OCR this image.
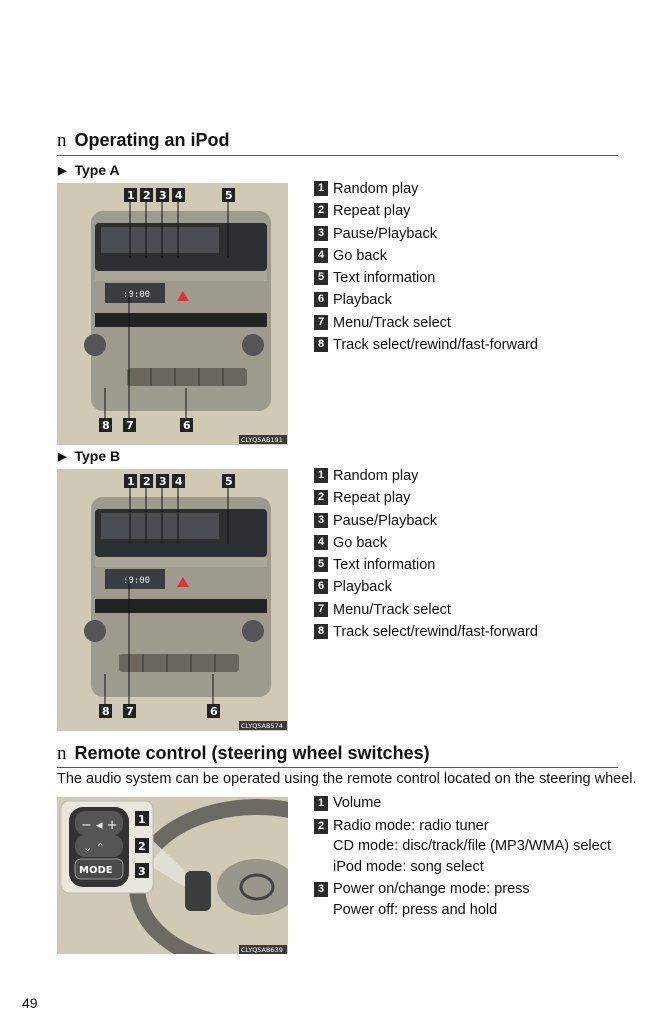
n Operating an iPod
▶ Type A
:0:00
1 2 3 4	5
8 7	6
CLYQ5AB191
1 Random play
2 Repeat play
3 Pause/Playback
4 Go back
5 Text information
6 Playback
7 Menu/Track select
8 Track select/rewind/fast-forward
▶ Type B
:0:00
1 2 3 4	5
8 7	6
CLYQ5AB574
1 Random play
2 Repeat play
3 Pause/Playback
4 Go back
5 Text information
6 Playback
7 Menu/Track select
8 Track select/rewind/fast-forward
n Remote control (steering wheel switches)
The audio system can be operated using the remote control located on the steering wheel.
− ◂ +
⌄ ⌃
MODE
1
2
3
CLYQ5AB639
1 Volume
2 Radio mode: radio tuner
CD mode: disc/track/file (MP3/WMA) select
iPod mode: song select
3 Power on/change mode: press
Power off: press and hold
49
